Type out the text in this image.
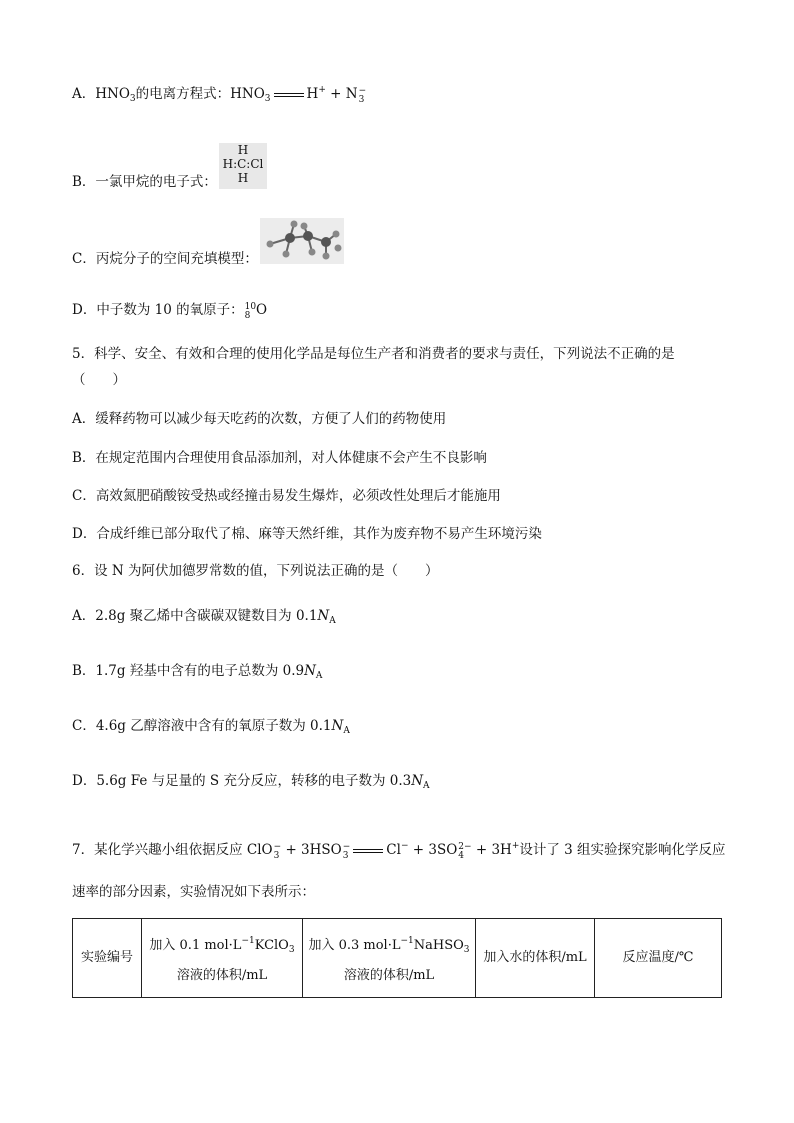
A．$HNO_3$的电离方程式：$HNO_3$	H+ + N−
3
B．一氯甲烷的电子式：
H
H:C:Cl
H
C．丙烷分子的空间充填模型：
D．中子数为 10 的氧原子：10
8 O
5．科学、安全、有效和合理的使用化学品是每位生产者和消费者的要求与责任，下列说法不正确的是
（　　）
A．缓释药物可以减少每天吃药的次数，方便了人们的药物使用
B．在规定范围内合理使用食品添加剂，对人体健康不会产生不良影响
C．高效氮肥硝酸铵受热或经撞击易发生爆炸，必须改性处理后才能施用
D．合成纤维已部分取代了棉、麻等天然纤维，其作为废弃物不易产生环境污染
6．设 N 为阿伏加德罗常数的值，下列说法正确的是（　　）
A．2.8g 聚乙烯中含碳碳双键数目为 $0.1N_A$
B．1.7g 羟基中含有的电子总数为 $0.9N_A$
C．4.6g 乙醇溶液中含有的氧原子数为 $0.1N_A$
D．5.6g Fe 与足量的 S 充分反应，转移的电子数为 $0.3N_A$
7．某化学兴趣小组依据反应 ClO−
3 + 3HSO−
3	Cl− + 3SO2−
4 + 3H+设计了 3 组实验探究影响化学反应
速率的部分因素，实验情况如下表所示：
实验编号	加入 0.1 $mol\cdot L^{-1}KClO_3$
溶液的体积/mL	加入 0.3 $mol\cdot L^{-1}NaHSO_3$
溶液的体积/mL	加入水的体积/mL	反应温度/℃
